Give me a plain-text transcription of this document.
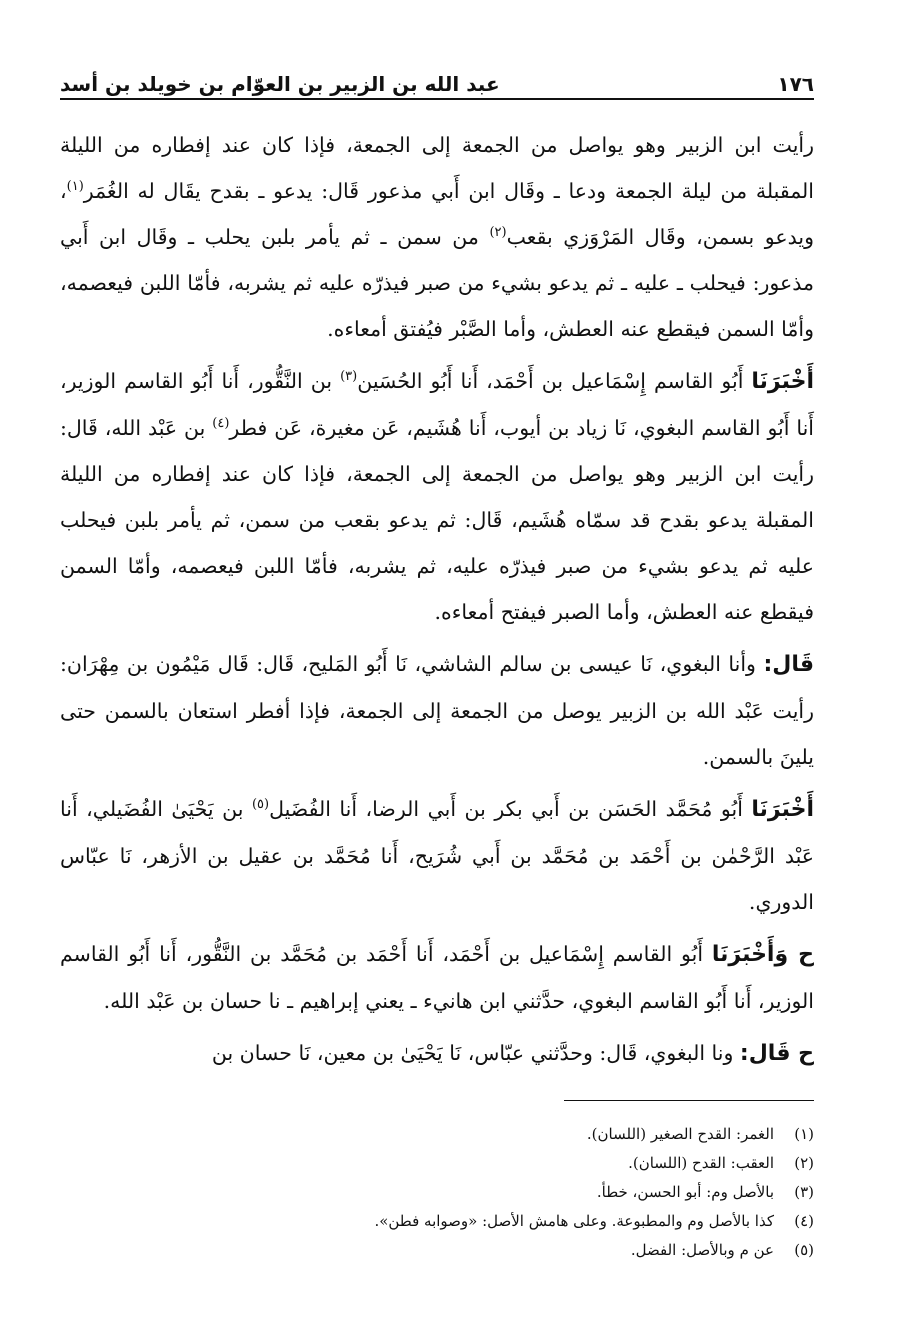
١٧٦
عبد الله بن الزبير بن العوّام بن خويلد بن أسد

رأيت ابن الزبير وهو يواصل من الجمعة إلى الجمعة، فإذا كان عند إفطاره من الليلة المقبلة من ليلة الجمعة ودعا ـ وقَال ابن أَبي مذعور قَال: يدعو ـ بقدح يقَال له الغُمَر$^{(١)}$، ويدعو بسمن، وقَال المَرْوَزي بقعب$^{(٢)}$ من سمن ـ ثم يأمر بلبن يحلب ـ وقَال ابن أَبي مذعور: فيحلب ـ عليه ـ ثم يدعو بشيء من صبر فيذرّه عليه ثم يشربه، فأمّا اللبن فيعصمه، وأمّا السمن فيقطع عنه العطش، وأما الصَّبْر فيُفتق أمعاءه.

أَخْبَرَنَا أَبُو القاسم إِسْمَاعيل بن أَحْمَد، أَنا أَبُو الحُسَين$^{(٣)}$ بن النَّقُّور، أَنا أَبُو القاسم الوزير، أَنا أَبُو القاسم البغوي، نَا زياد بن أيوب، أَنا هُشَيم، عَن مغيرة، عَن فطر$^{(٤)}$ بن عَبْد الله، قَال: رأيت ابن الزبير وهو يواصل من الجمعة إلى الجمعة، فإذا كان عند إفطاره من الليلة المقبلة يدعو بقدح قد سمّاه هُشَيم، قَال: ثم يدعو بقعب من سمن، ثم يأمر بلبن فيحلب عليه ثم يدعو بشيء من صبر فيذرّه عليه، ثم يشربه، فأمّا اللبن فيعصمه، وأمّا السمن فيقطع عنه العطش، وأما الصبر فيفتح أمعاءه.

قَال: وأنا البغوي، نَا عيسى بن سالم الشاشي، نَا أَبُو المَليح، قَال: قَال مَيْمُون بن مِهْرَان: رأيت عَبْد الله بن الزبير يوصل من الجمعة إلى الجمعة، فإذا أفطر استعان بالسمن حتى يلينَ بالسمن.

أَخْبَرَنَا أَبُو مُحَمَّد الحَسَن بن أَبي بكر بن أَبي الرضا، أَنا الفُضَيل$^{(٥)}$ بن يَحْيَىٰ الفُضَيلي، أَنا عَبْد الرَّحْمٰن بن أَحْمَد بن مُحَمَّد بن أَبي شُرَيح، أَنا مُحَمَّد بن عقيل بن الأزهر، نَا عبّاس الدوري.

ح وَأَخْبَرَنَا أَبُو القاسم إِسْمَاعيل بن أَحْمَد، أَنا أَحْمَد بن مُحَمَّد بن النَّقُّور، أَنا أَبُو القاسم الوزير، أَنا أَبُو القاسم البغوي، حدَّثني ابن هانيء ـ يعني إبراهيم ـ نا حسان بن عَبْد الله.

ح قَال: ونا البغوي، قَال: وحدَّثني عبّاس، نَا يَحْيَىٰ بن معين، نَا حسان بن

(١)
الغمر: القدح الصغير (اللسان).
(٢)
العقب: القدح (اللسان).
(٣)
بالأصل وم: أبو الحسن، خطأ.
(٤)
كذا بالأصل وم والمطبوعة. وعلى هامش الأصل: «وصوابه فطن».
(٥)
عن م وبالأصل: الفضل.
